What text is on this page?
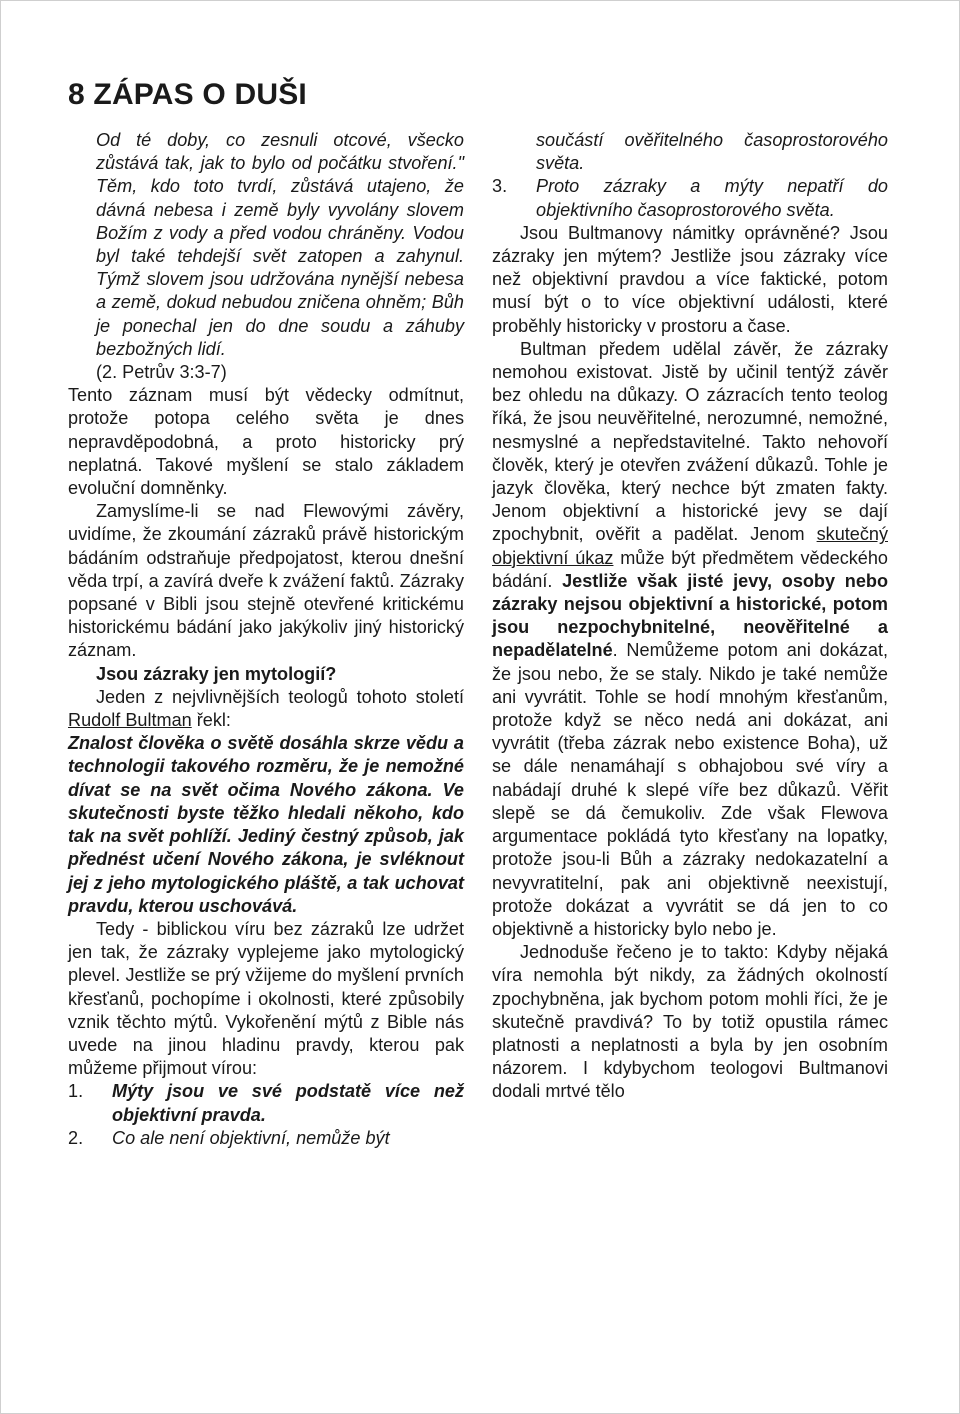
8 ZÁPAS O DUŠI

Od té doby, co zesnuli otcové, všecko zůstává tak, jak to bylo od počátku stvoření." Těm, kdo toto tvrdí, zůstává utajeno, že dávná nebesa i země byly vyvolány slovem Božím z vody a před vodou chráněny. Vodou byl také tehdejší svět zatopen a zahynul. Týmž slovem jsou udržována nynější nebesa a země, dokud nebudou zničena ohněm; Bůh je ponechal jen do dne soudu a záhuby bezbožných lidí.

(2. Petrův 3:3-7)

Tento záznam musí být vědecky odmítnut, protože potopa celého světa je dnes nepravděpodobná, a proto historicky prý neplatná. Takové myšlení se stalo základem evoluční domněnky.

Zamyslíme-li se nad Flewovými závěry, uvidíme, že zkoumání zázraků právě historickým bádáním odstraňuje předpojatost, kterou dnešní věda trpí, a zavírá dveře k zvážení faktů. Zázraky popsané v Bibli jsou stejně otevřené kritickému historickému bádání jako jakýkoliv jiný historický záznam.

Jsou zázraky jen mytologií?

Jeden z nejvlivnějších teologů tohoto století Rudolf Bultman řekl:

Znalost člověka o světě dosáhla skrze vědu a technologii takového rozměru, že je nemožné dívat se na svět očima Nového zákona. Ve skutečnosti byste těžko hledali někoho, kdo tak na svět pohlíží. Jediný čestný způsob, jak přednést učení Nového zákona, je svléknout jej z jeho mytologického pláště, a tak uchovat pravdu, kterou uschovává.

Tedy - biblickou víru bez zázraků lze udržet jen tak, že zázraky vyplejeme jako mytologický plevel. Jestliže se prý vžijeme do myšlení prvních křesťanů, pochopíme i okolnosti, které způsobily vznik těchto mýtů. Vykořenění mýtů z Bible nás uvede na jinou hladinu pravdy, kterou pak můžeme přijmout vírou:

1. Mýty jsou ve své podstatě více než objektivní pravda.
2. Co ale není objektivní, nemůže být

součástí ověřitelného časoprostorového světa.

3. Proto zázraky a mýty nepatří do objektivního časoprostorového světa.

Jsou Bultmanovy námitky oprávněné? Jsou zázraky jen mýtem? Jestliže jsou zázraky více než objektivní pravdou a více faktické, potom musí být o to více objektivní události, které proběhly historicky v prostoru a čase.

Bultman předem udělal závěr, že zázraky nemohou existovat. Jistě by učinil tentýž závěr bez ohledu na důkazy. O zázracích tento teolog říká, že jsou neuvěřitelné, nerozumné, nemožné, nesmyslné a nepředstavitelné. Takto nehovoří člověk, který je otevřen zvážení důkazů. Tohle je jazyk člověka, který nechce být zmaten fakty. Jenom objektivní a historické jevy se dají zpochybnit, ověřit a padělat. Jenom skutečný objektivní úkaz může být předmětem vědeckého bádání. Jestliže však jisté jevy, osoby nebo zázraky nejsou objektivní a historické, potom jsou nezpochybnitelné, neověřitelné a nepadělatelné. Nemůžeme potom ani dokázat, že jsou nebo, že se staly. Nikdo je také nemůže ani vyvrátit. Tohle se hodí mnohým křesťanům, protože když se něco nedá ani dokázat, ani vyvrátit (třeba zázrak nebo existence Boha), už se dále nenamáhají s obhajobou své víry a nabádají druhé k slepé víře bez důkazů. Věřit slepě se dá čemukoliv. Zde však Flewova argumentace pokládá tyto křesťany na lopatky, protože jsou-li Bůh a zázraky nedokazatelní a nevyvratitelní, pak ani objektivně neexistují, protože dokázat a vyvrátit se dá jen to co objektivně a historicky bylo nebo je.

Jednoduše řečeno je to takto: Kdyby nějaká víra nemohla být nikdy, za žádných okolností zpochybněna, jak bychom potom mohli říci, že je skutečně pravdivá? To by totiž opustila rámec platnosti a neplatnosti a byla by jen osobním názorem. I kdybychom teologovi Bultmanovi dodali mrtvé tělo
